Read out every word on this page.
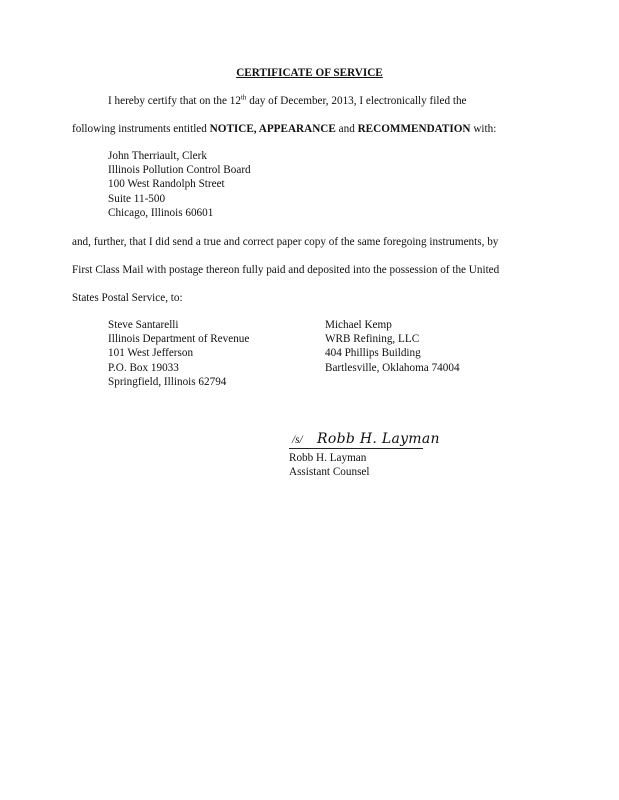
CERTIFICATE OF SERVICE
I hereby certify that on the 12th day of December, 2013, I electronically filed the
following instruments entitled NOTICE, APPEARANCE and RECOMMENDATION with:
John Therriault, Clerk
Illinois Pollution Control Board
100 West Randolph Street
Suite 11-500
Chicago, Illinois 60601
and, further, that I did send a true and correct paper copy of the same foregoing instruments, by
First Class Mail with postage thereon fully paid and deposited into the possession of the United
States Postal Service, to:
Steve Santarelli
Illinois Department of Revenue
101 West Jefferson
P.O. Box 19033
Springfield, Illinois 62794
Michael Kemp
WRB Refining, LLC
404 Phillips Building
Bartlesville, Oklahoma 74004
/s/ Robb H. Layman
Robb H. Layman
Assistant Counsel
